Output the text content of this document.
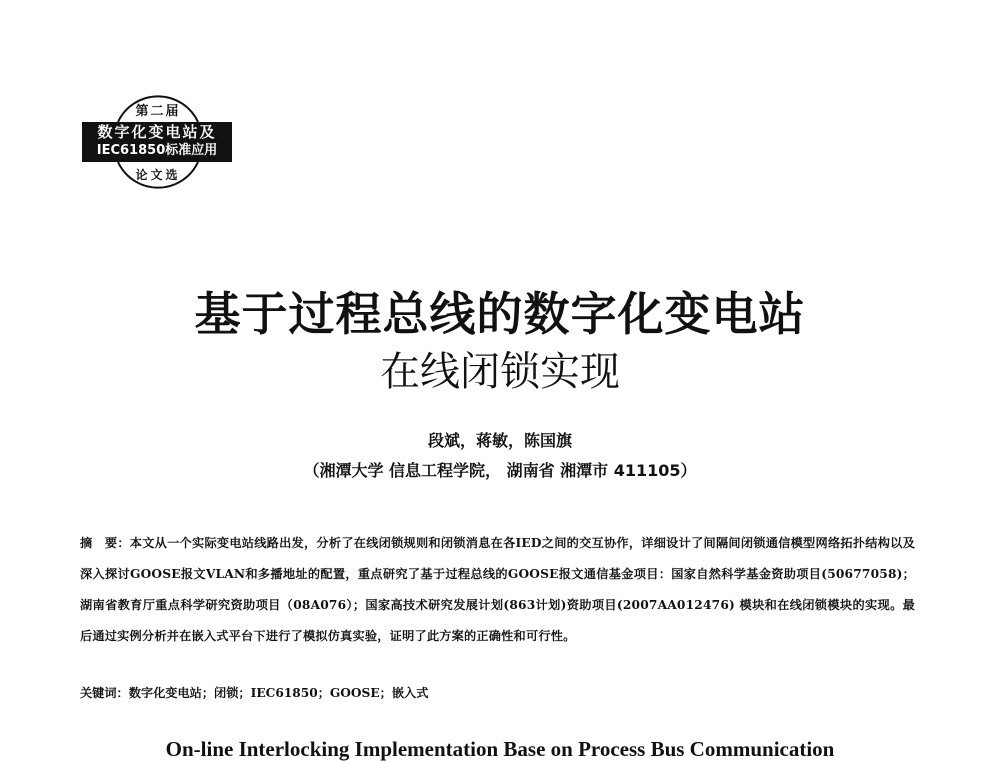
第二届
数字化变电站及
IEC61850标准应用
论文选
基于过程总线的数字化变电站
在线闭锁实现
段斌，蒋敏，陈国旗
（湘潭大学 信息工程学院， 湖南省 湘潭市 411105）
摘　要：本文从一个实际变电站线路出发，分析了在线闭锁规则和闭锁消息在各IED之间的交互协作，详细设计了间隔间闭锁通信模型网络拓扑结构以及深入探讨GOOSE报文VLAN和多播地址的配置，重点研究了基于过程总线的GOOSE报文通信基金项目：国家自然科学基金资助项目(50677058)；湖南省教育厅重点科学研究资助项目（08A076）；国家高技术研究发展计划(863计划)资助项目(2007AA012476) 模块和在线闭锁模块的实现。最后通过实例分析并在嵌入式平台下进行了模拟仿真实验，证明了此方案的正确性和可行性。
关键词：数字化变电站；闭锁；IEC61850；GOOSE；嵌入式
On-line Interlocking Implementation Base on Process Bus Communication
